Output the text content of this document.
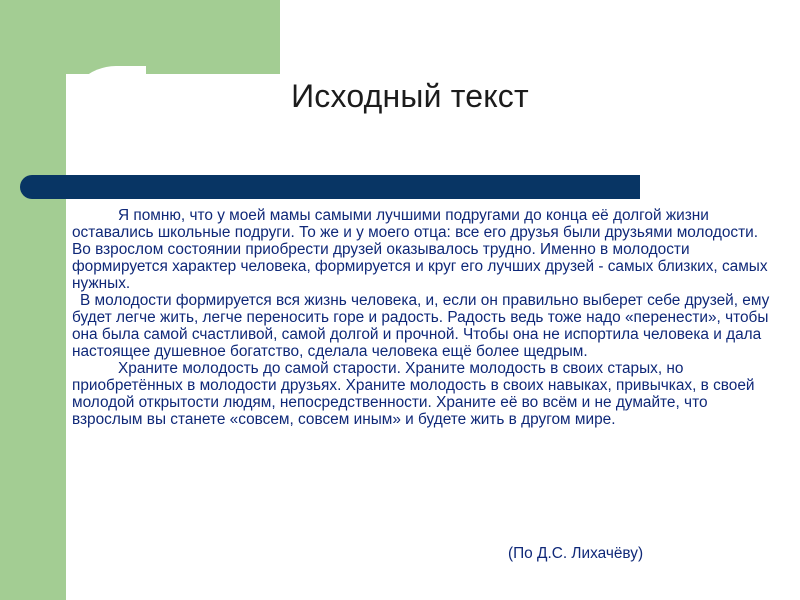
Исходный текст

Я помню, что у моей мамы самыми лучшими подругами до конца её долгой жизни оставались школьные подруги. То же и у моего отца: все его друзья были друзьями молодости. Во взрослом состоянии приобрести друзей оказывалось трудно. Именно в молодости формируется характер человека, формируется и круг его лучших друзей - самых близких, самых нужных.

В молодости формируется вся жизнь человека, и, если он правильно выберет себе друзей, ему будет легче жить, легче переносить горе и радость. Радость ведь тоже надо «перенести», чтобы она была самой счастливой, самой долгой и прочной. Чтобы она не испортила человека и дала настоящее душевное богатство, сделала человека ещё более щедрым.

Храните молодость до самой старости. Храните молодость в своих старых, но приобретённых в молодости друзьях. Храните молодость в своих навыках, привычках, в своей молодой открытости людям, непосредственности. Храните её во всём и не думайте, что взрослым вы станете «совсем, совсем иным» и будете жить в другом мире.

(По Д.С. Лихачёву)
